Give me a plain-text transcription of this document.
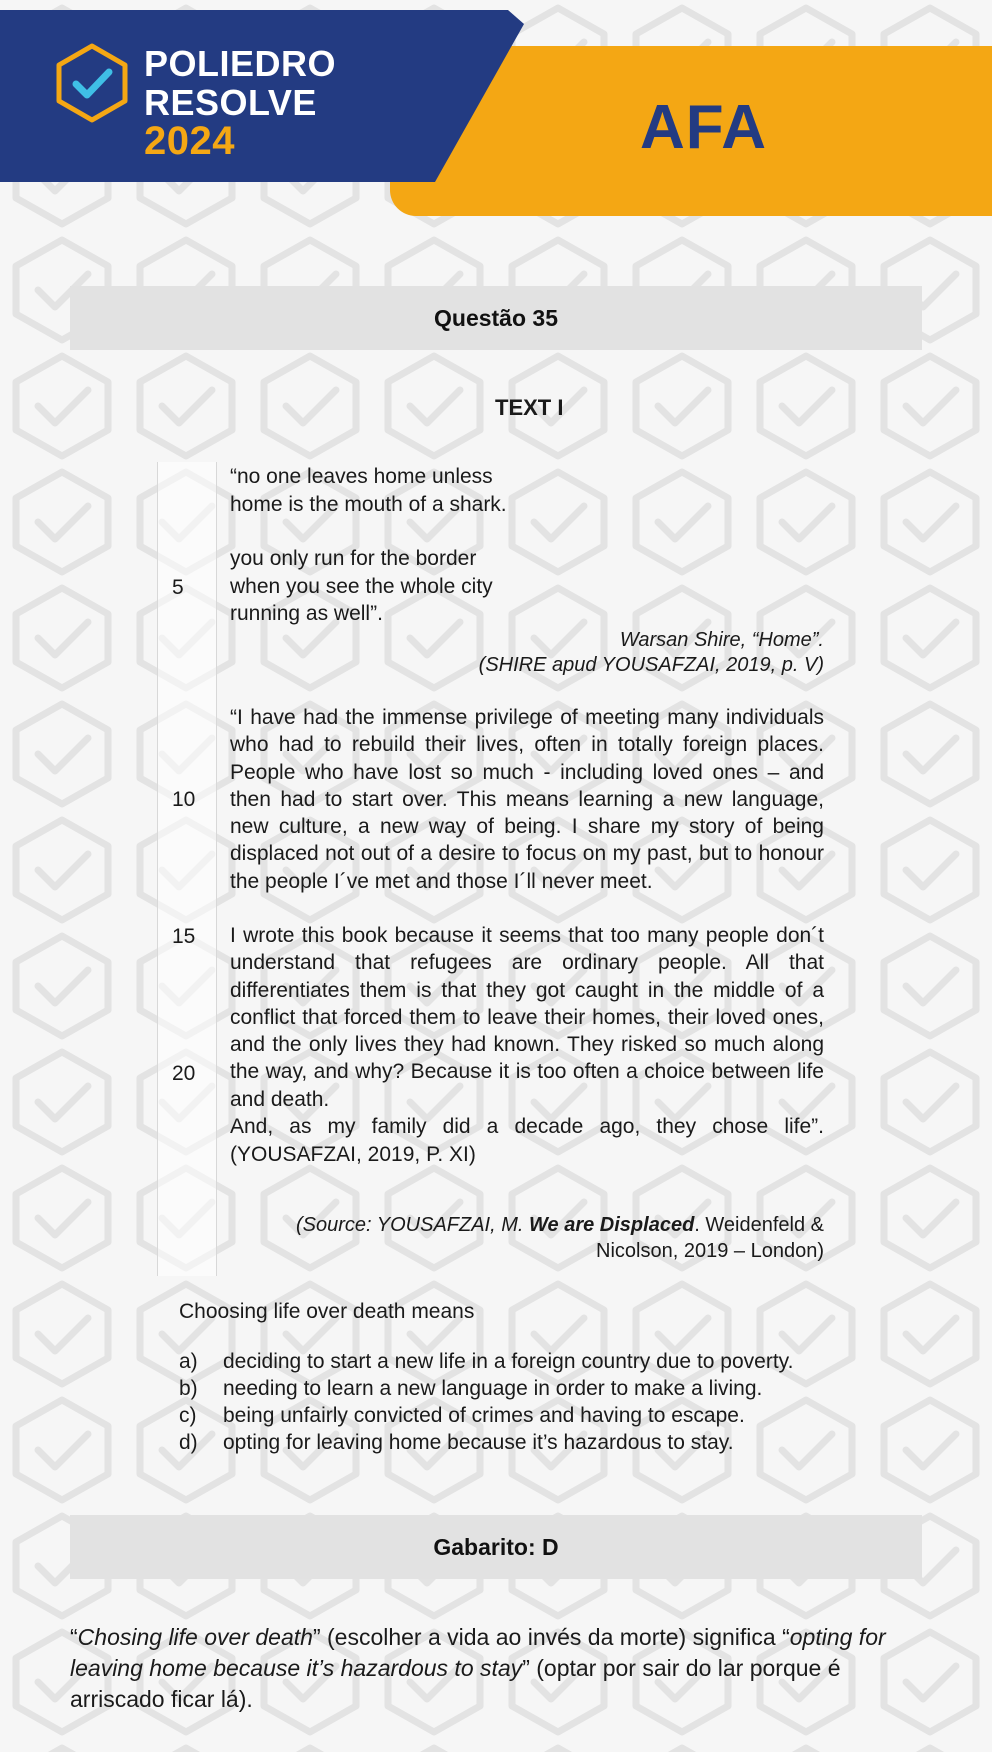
POLIEDRO
RESOLVE
2024	AFA
Questão 35
TEXT I
5
10
15
20
“no one leaves home unless
home is the mouth of a shark.
you only run for the border
when you see the whole city
running as well”.
Warsan Shire, “Home”.
(SHIRE apud YOUSAFZAI, 2019, p. V)
“I have had the immense privilege of meeting many individuals who had to rebuild their lives, often in totally foreign places. People who have lost so much - including loved ones – and then had to start over. This means learning a new language, new culture, a new way of being. I share my story of being displaced not out of a desire to focus on my past, but to honour the people I´ve met and those I´ll never meet.
I wrote this book because it seems that too many people don´t understand that refugees are ordinary people. All that differentiates them is that they got caught in the middle of a conflict that forced them to leave their homes, their loved ones, and the only lives they had known. They risked so much along the way, and why? Because it is too often a choice between life and death.
And, as my family did a decade ago, they chose life”.
(YOUSAFZAI, 2019, P. XI)
(Source: YOUSAFZAI, M. We are Displaced. Weidenfeld &
Nicolson, 2019 – London)
Choosing life over death means
a) deciding to start a new life in a foreign country due to poverty.
b) needing to learn a new language in order to make a living.
c) being unfairly convicted of crimes and having to escape.
d) opting for leaving home because it’s hazardous to stay.
Gabarito: D
“Chosing life over death” (escolher a vida ao invés da morte) significa “opting for leaving home because it’s hazardous to stay” (optar por sair do lar porque é arriscado ficar lá).
